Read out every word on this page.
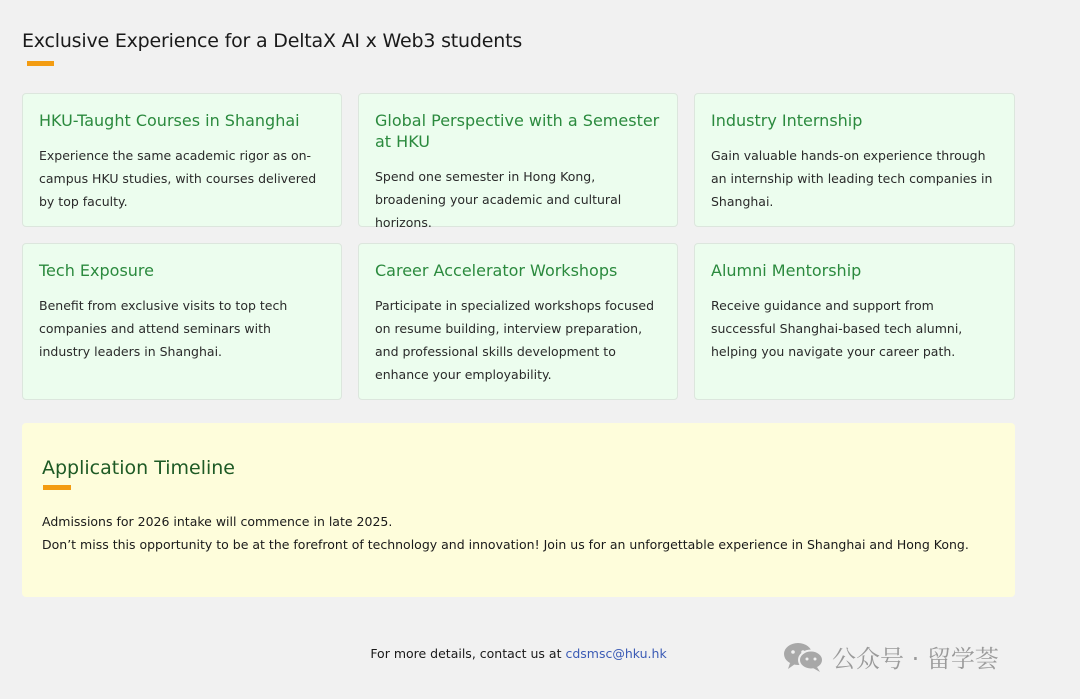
Exclusive Experience for a DeltaX AI x Web3 students
HKU-Taught Courses in Shanghai

Experience the same academic rigor as on-campus HKU studies, with courses delivered by top faculty.

Global Perspective with a Semester at HKU

Spend one semester in Hong Kong, broadening your academic and cultural horizons.

Industry Internship

Gain valuable hands-on experience through an internship with leading tech companies in Shanghai.

Tech Exposure

Benefit from exclusive visits to top tech companies and attend seminars with industry leaders in Shanghai.

Career Accelerator Workshops

Participate in specialized workshops focused on resume building, interview preparation, and professional skills development to enhance your employability.

Alumni Mentorship

Receive guidance and support from successful Shanghai-based tech alumni, helping you navigate your career path.

Application Timeline

Admissions for 2026 intake will commence in late 2025.

Don’t miss this opportunity to be at the forefront of technology and innovation! Join us for an unforgettable experience in Shanghai and Hong Kong.

For more details, contact us at cdsmsc@hku.hk	公众号 · 留学荟
